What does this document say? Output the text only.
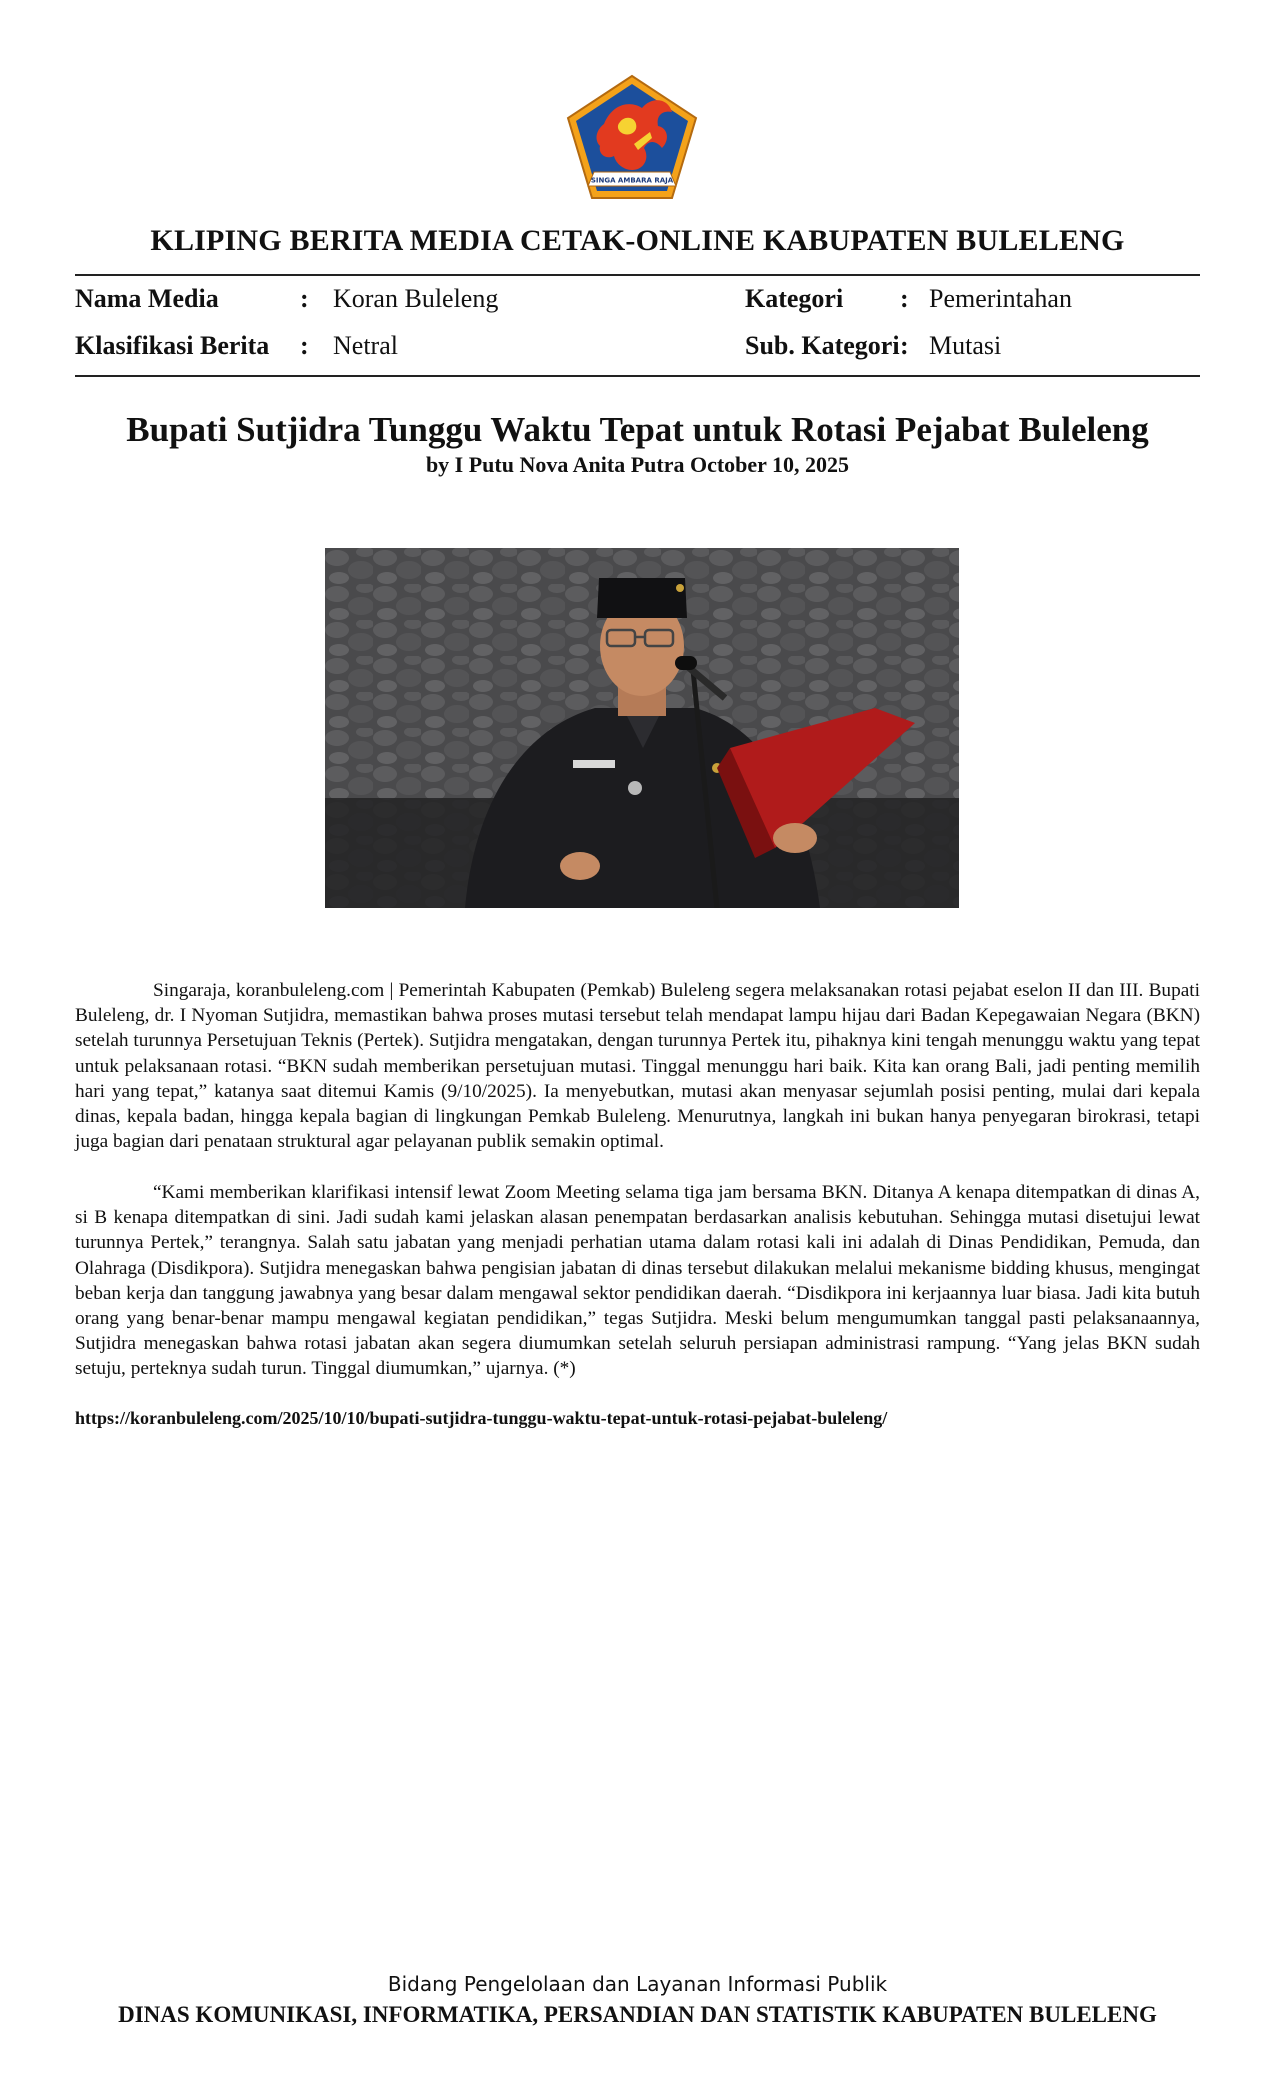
SINGA AMBARA RAJA
KLIPING BERITA MEDIA CETAK-ONLINE KABUPATEN BULELENG
Nama Media	: Koran Buleleng	Kategori : Pemerintahan
Klasifikasi Berita : Netral	Sub. Kategori : Mutasi
Bupati Sutjidra Tunggu Waktu Tepat untuk Rotasi Pejabat Buleleng
by I Putu Nova Anita Putra October 10, 2025

Singaraja, koranbuleleng.com | Pemerintah Kabupaten (Pemkab) Buleleng segera melaksanakan rotasi pejabat eselon II dan III. Bupati Buleleng, dr. I Nyoman Sutjidra, memastikan bahwa proses mutasi tersebut telah mendapat lampu hijau dari Badan Kepegawaian Negara (BKN) setelah turunnya Persetujuan Teknis (Pertek). Sutjidra mengatakan, dengan turunnya Pertek itu, pihaknya kini tengah menunggu waktu yang tepat untuk pelaksanaan rotasi. “BKN sudah memberikan persetujuan mutasi. Tinggal menunggu hari baik. Kita kan orang Bali, jadi penting memilih hari yang tepat,” katanya saat ditemui Kamis (9/10/2025). Ia menyebutkan, mutasi akan menyasar sejumlah posisi penting, mulai dari kepala dinas, kepala badan, hingga kepala bagian di lingkungan Pemkab Buleleng. Menurutnya, langkah ini bukan hanya penyegaran birokrasi, tetapi juga bagian dari penataan struktural agar pelayanan publik semakin optimal.

“Kami memberikan klarifikasi intensif lewat Zoom Meeting selama tiga jam bersama BKN. Ditanya A kenapa ditempatkan di dinas A, si B kenapa ditempatkan di sini. Jadi sudah kami jelaskan alasan penempatan berdasarkan analisis kebutuhan. Sehingga mutasi disetujui lewat turunnya Pertek,” terangnya. Salah satu jabatan yang menjadi perhatian utama dalam rotasi kali ini adalah di Dinas Pendidikan, Pemuda, dan Olahraga (Disdikpora). Sutjidra menegaskan bahwa pengisian jabatan di dinas tersebut dilakukan melalui mekanisme bidding khusus, mengingat beban kerja dan tanggung jawabnya yang besar dalam mengawal sektor pendidikan daerah. “Disdikpora ini kerjaannya luar biasa. Jadi kita butuh orang yang benar-benar mampu mengawal kegiatan pendidikan,” tegas Sutjidra. Meski belum mengumumkan tanggal pasti pelaksanaannya, Sutjidra menegaskan bahwa rotasi jabatan akan segera diumumkan setelah seluruh persiapan administrasi rampung. “Yang jelas BKN sudah setuju, perteknya sudah turun. Tinggal diumumkan,” ujarnya. (*)

https://koranbuleleng.com/2025/10/10/bupati-sutjidra-tunggu-waktu-tepat-untuk-rotasi-pejabat-buleleng/
Bidang Pengelolaan dan Layanan Informasi Publik
DINAS KOMUNIKASI, INFORMATIKA, PERSANDIAN DAN STATISTIK KABUPATEN BULELENG
